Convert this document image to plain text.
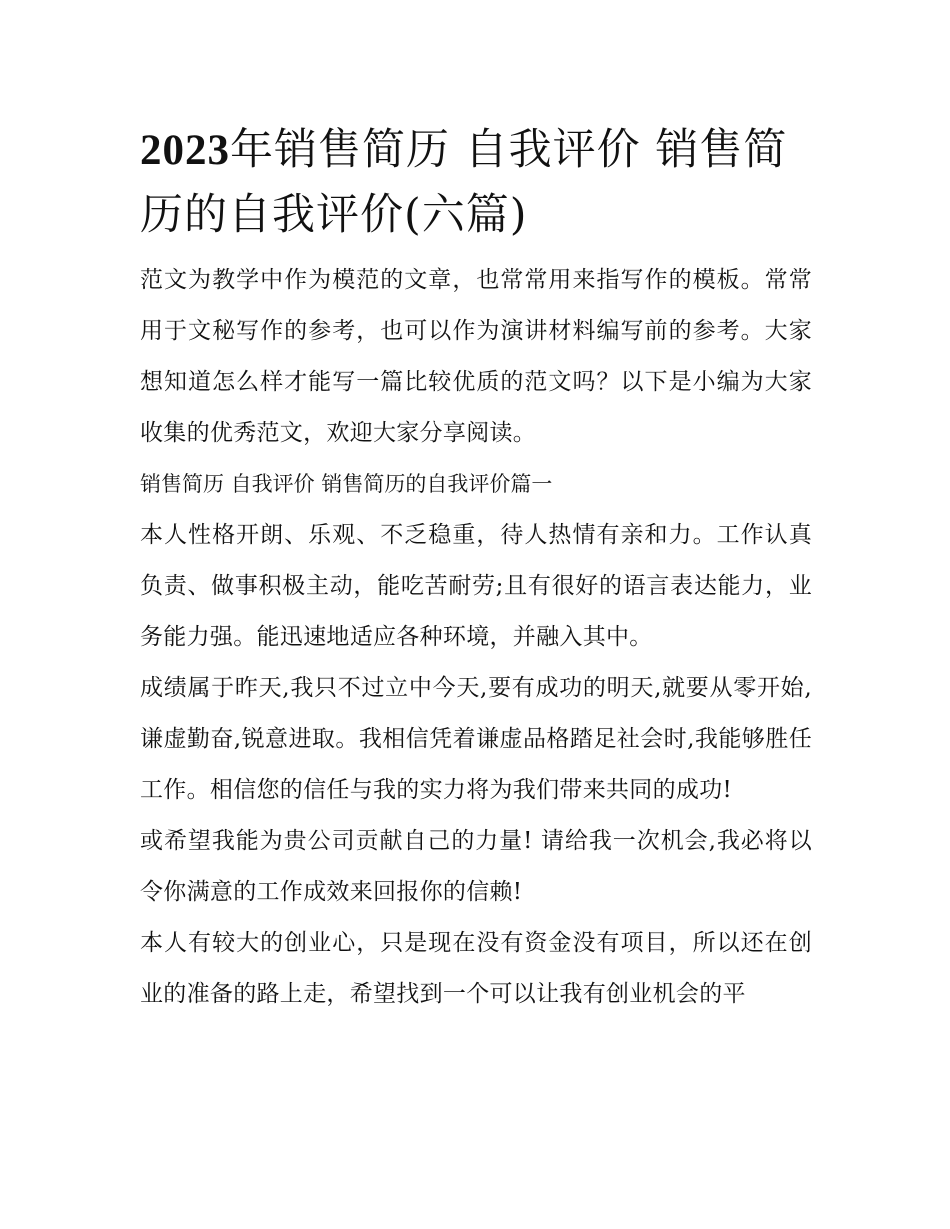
2023年销售简历 自我评价 销售简历的自我评价(六篇)

范文为教学中作为模范的文章，也常常用来指写作的模板。常常用于文秘写作的参考，也可以作为演讲材料编写前的参考。大家想知道怎么样才能写一篇比较优质的范文吗？以下是小编为大家收集的优秀范文，欢迎大家分享阅读。

销售简历 自我评价 销售简历的自我评价篇一

本人性格开朗、乐观、不乏稳重，待人热情有亲和力。工作认真负责、做事积极主动，能吃苦耐劳;且有很好的语言表达能力，业务能力强。能迅速地适应各种环境，并融入其中。

成绩属于昨天,我只不过立中今天,要有成功的明天,就要从零开始,谦虚勤奋,锐意进取。我相信凭着谦虚品格踏足社会时,我能够胜任工作。相信您的信任与我的实力将为我们带来共同的成功!

或希望我能为贵公司贡献自己的力量! 请给我一次机会,我必将以令你满意的工作成效来回报你的信赖!

本人有较大的创业心，只是现在没有资金没有项目，所以还在创业的准备的路上走，希望找到一个可以让我有创业机会的平
